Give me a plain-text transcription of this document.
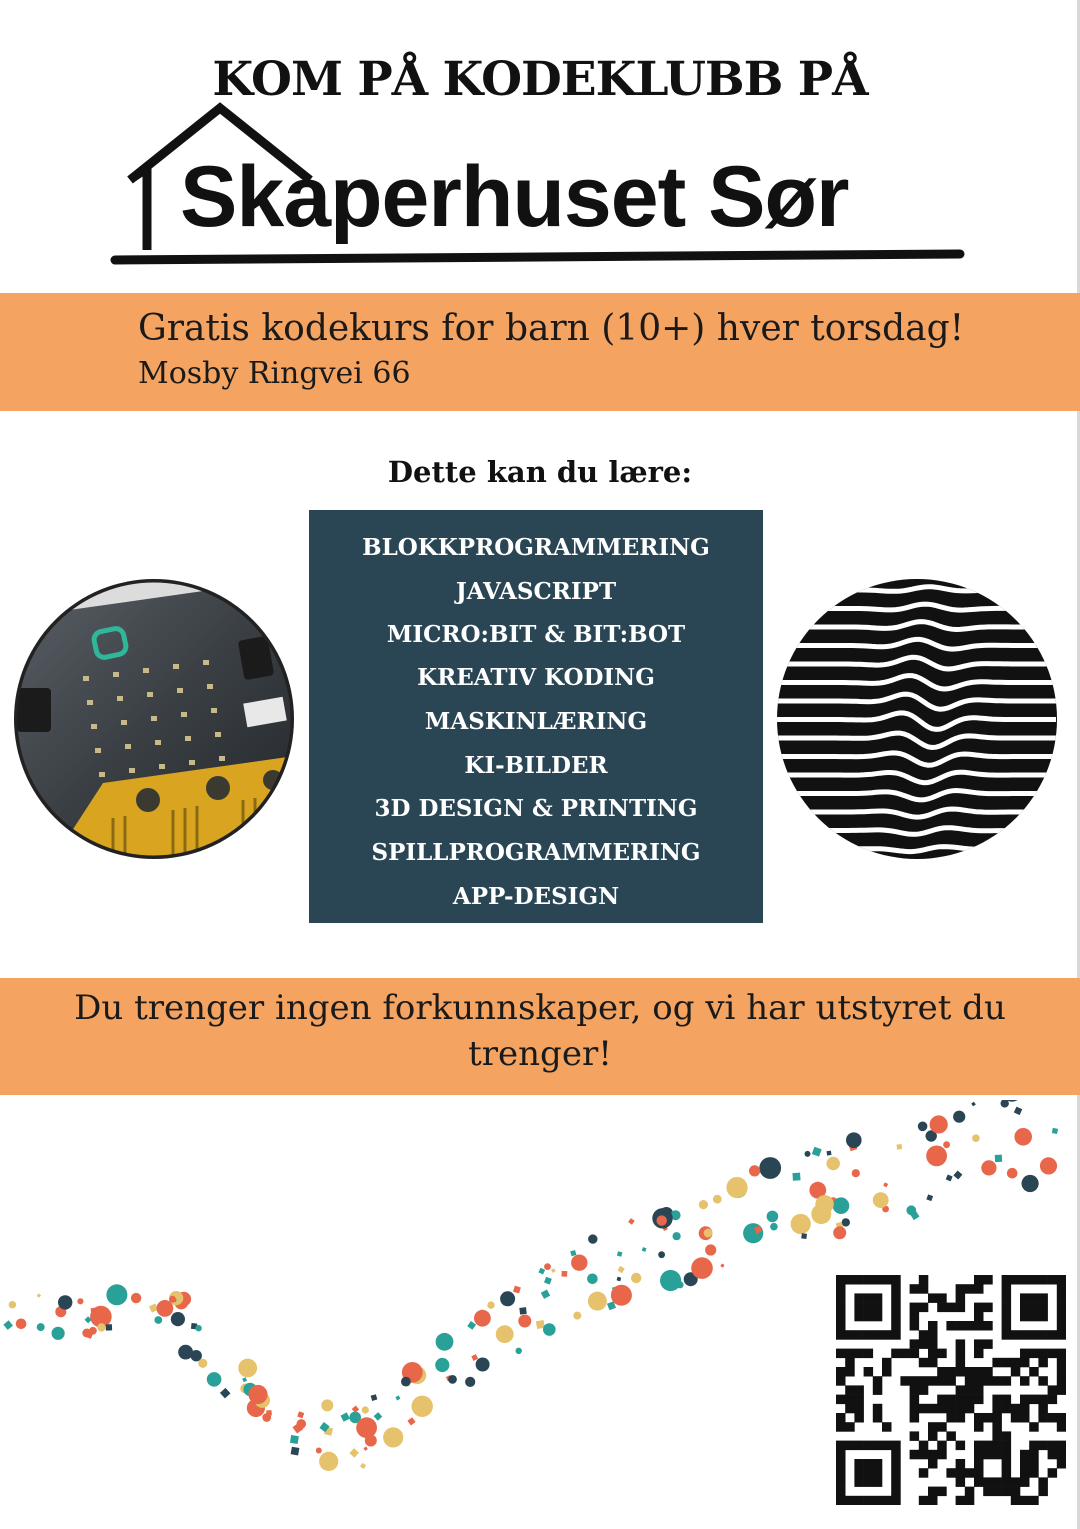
KOM PÅ KODEKLUBB PÅ
Skaperhuset Sør
Gratis kodekurs for barn (10+) hver torsdag!
Mosby Ringvei 66
Dette kan du lære:
BLOKKPROGRAMMERING
JAVASCRIPT
MICRO:BIT & BIT:BOT
KREATIV KODING
MASKINLÆRING
KI-BILDER
3D DESIGN & PRINTING
SPILLPROGRAMMERING
APP-DESIGN
Du trenger ingen forkunnskaper, og vi har utstyret du trenger!
